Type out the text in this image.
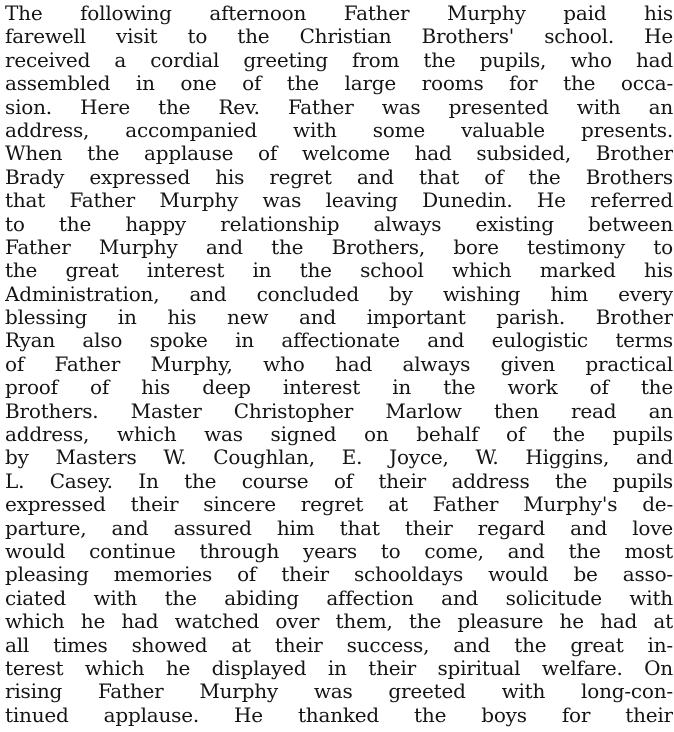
The following afternoon Father Murphy paid his
farewell visit to the Christian Brothers' school. He
received a cordial greeting from the pupils, who had
assembled in one of the large rooms for the occa-
sion. Here the Rev. Father was presented with an
address, accompanied with some valuable presents.
When the applause of welcome had subsided, Brother
Brady expressed his regret and that of the Brothers
that Father Murphy was leaving Dunedin. He referred
to the happy relationship always existing between
Father Murphy and the Brothers, bore testimony to
the great interest in the school which marked his
Administration, and concluded by wishing him every
blessing in his new and important parish. Brother
Ryan also spoke in affectionate and eulogistic terms
of Father Murphy, who had always given practical
proof of his deep interest in the work of the
Brothers. Master Christopher Marlow then read an
address, which was signed on behalf of the pupils
by Masters W. Coughlan, E. Joyce, W. Higgins, and
L. Casey. In the course of their address the pupils
expressed their sincere regret at Father Murphy's de-
parture, and assured him that their regard and love
would continue through years to come, and the most
pleasing memories of their schooldays would be asso-
ciated with the abiding affection and solicitude with
which he had watched over them, the pleasure he had at
all times showed at their success, and the great in-
terest which he displayed in their spiritual welfare. On
rising Father Murphy was greeted with long-con-
tinued applause. He thanked the boys for their
